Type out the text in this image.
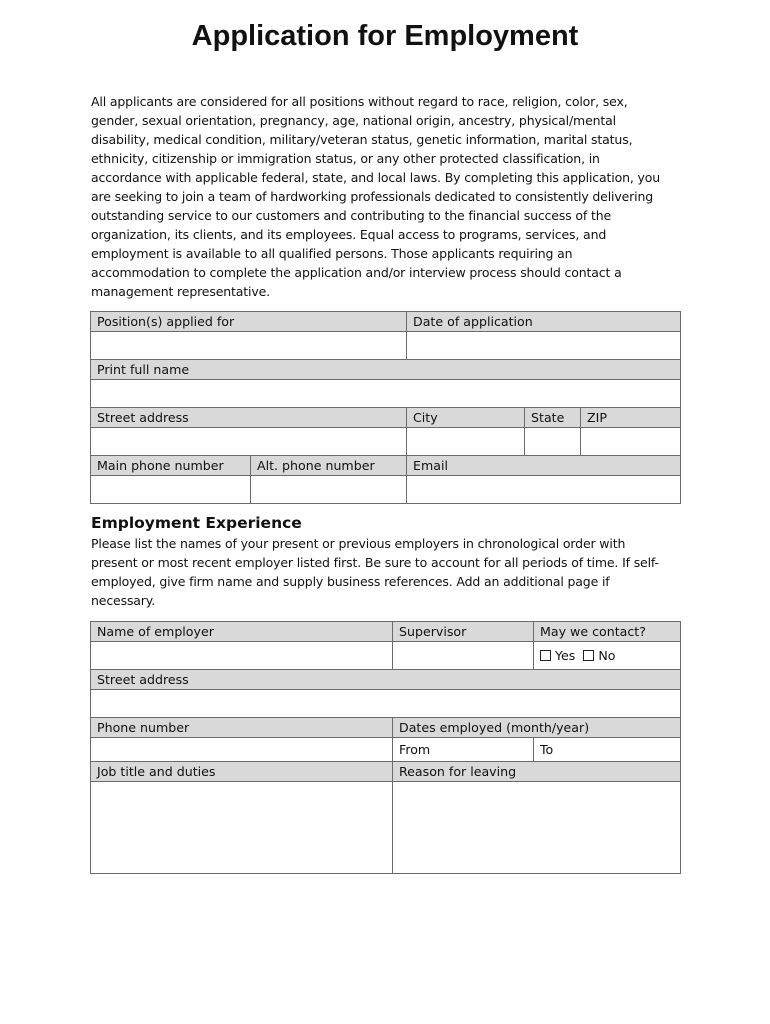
Application for Employment

All applicants are considered for all positions without regard to race, religion, color, sex,
gender, sexual orientation, pregnancy, age, national origin, ancestry, physical/mental
disability, medical condition, military/veteran status, genetic information, marital status,
ethnicity, citizenship or immigration status, or any other protected classification, in
accordance with applicable federal, state, and local laws. By completing this application, you
are seeking to join a team of hardworking professionals dedicated to consistently delivering
outstanding service to our customers and contributing to the financial success of the
organization, its clients, and its employees. Equal access to programs, services, and
employment is available to all qualified persons. Those applicants requiring an
accommodation to complete the application and/or interview process should contact a
management representative.

Position(s) applied for		Date of application		

Print full name				

Street address		City	State	ZIP

Main phone number	Alt. phone number	Email		

Employment Experience

Please list the names of your present or previous employers in chronological order with
present or most recent employer listed first. Be sure to account for all periods of time. If self-
employed, give firm name and supply business references. Add an additional page if
necessary.

Name of employer	Supervisor	May we contact?
		Yes No
Street address		

Phone number	Dates employed (month/year)	
	From	To
Job title and duties	Reason for leaving	
